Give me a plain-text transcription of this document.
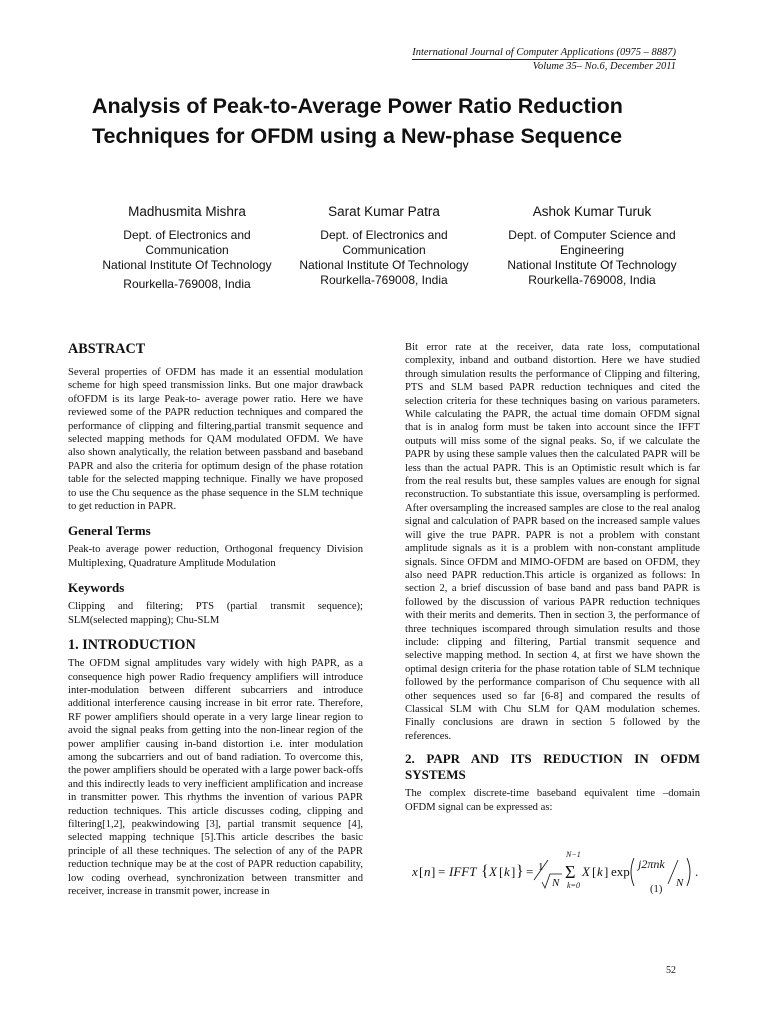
International Journal of Computer Applications (0975 – 8887)
Volume 35– No.6, December 2011
Analysis of Peak-to-Average Power Ratio Reduction
Techniques for OFDM using a New-phase Sequence
Madhusmita Mishra
Dept. of Electronics and Communication
National Institute Of Technology
Rourkella-769008, India
Sarat Kumar Patra
Dept. of Electronics and Communication
National Institute Of Technology
Rourkella-769008, India
Ashok Kumar Turuk
Dept. of Computer Science and Engineering
National Institute Of Technology
Rourkella-769008, India
ABSTRACT

Several properties of OFDM has made it an essential modulation scheme for high speed transmission links. But one major drawback ofOFDM is its large Peak-to- average power ratio. Here we have reviewed some of the PAPR reduction techniques and compared the performance of clipping and filtering,partial transmit sequence and selected mapping methods for QAM modulated OFDM. We have also shown analytically, the relation between passband and baseband PAPR and also the criteria for optimum design of the phase rotation table for the selected mapping technique. Finally we have proposed to use the Chu sequence as the phase sequence in the SLM technique to get reduction in PAPR.

General Terms

Peak-to average power reduction, Orthogonal frequency Division Multiplexing, Quadrature Amplitude Modulation

Keywords

Clipping and filtering; PTS (partial transmit sequence); SLM(selected mapping); Chu-SLM

1. INTRODUCTION

The OFDM signal amplitudes vary widely with high PAPR, as a consequence high power Radio frequency amplifiers will introduce inter-modulation between different subcarriers and introduce additional interference causing increase in bit error rate. Therefore, RF power amplifiers should operate in a very large linear region to avoid the signal peaks from getting into the non-linear region of the power amplifier causing in-band distortion i.e. inter modulation among the subcarriers and out of band radiation. To overcome this, the power amplifiers should be operated with a large power back-offs and this indirectly leads to very inefficient amplification and increase in transmitter power. This rhythms the invention of various PAPR reduction techniques. This article discusses coding, clipping and filtering[1,2], peakwindowing [3], partial transmit sequence [4], selected mapping technique [5].This article describes the basic principle of all these techniques. The selection of any of the PAPR reduction technique may be at the cost of PAPR reduction capability, low coding overhead, synchronization between transmitter and receiver, increase in transmit power, increase in

Bit error rate at the receiver, data rate loss, computational complexity, inband and outband distortion. Here we have studied through simulation results the performance of Clipping and filtering, PTS and SLM based PAPR reduction techniques and cited the selection criteria for these techniques basing on various parameters. While calculating the PAPR, the actual time domain OFDM signal that is in analog form must be taken into account since the IFFT outputs will miss some of the signal peaks. So, if we calculate the PAPR by using these sample values then the calculated PAPR will be less than the actual PAPR. This is an Optimistic result which is far from the real results but, these samples values are enough for signal reconstruction. To substantiate this issue, oversampling is performed. After oversampling the increased samples are close to the real analog signal and calculation of PAPR based on the increased sample values will give the true PAPR. PAPR is not a problem with constant amplitude signals as it is a problem with non-constant amplitude signals. Since OFDM and MIMO-OFDM are based on OFDM, they also need PAPR reduction.This article is organized as follows: In section 2, a brief discussion of base band and pass band PAPR is followed by the discussion of various PAPR reduction techniques with their merits and demerits. Then in section 3, the performance of three techniques iscompared through simulation results and those include: clipping and filtering, Partial transmit sequence and selective mapping method. In section 4, at first we have shown the optimal design criteria for the phase rotation table of SLM technique followed by the performance comparison of Chu sequence with all other sequences used so far [6-8] and compared the results of Classical SLM with Chu SLM for QAM modulation schemes. Finally conclusions are drawn in section 5 followed by the references.

2. PAPR AND ITS REDUCTION IN OFDM SYSTEMS

The complex discrete-time baseband equivalent time –domain OFDM signal can be expressed as:

x [ n ] = IFFT { X [ k ] } = 1
N
N−1
Σ
k=0
X [ k ] exp j2πnk
N
.
(1)
52
